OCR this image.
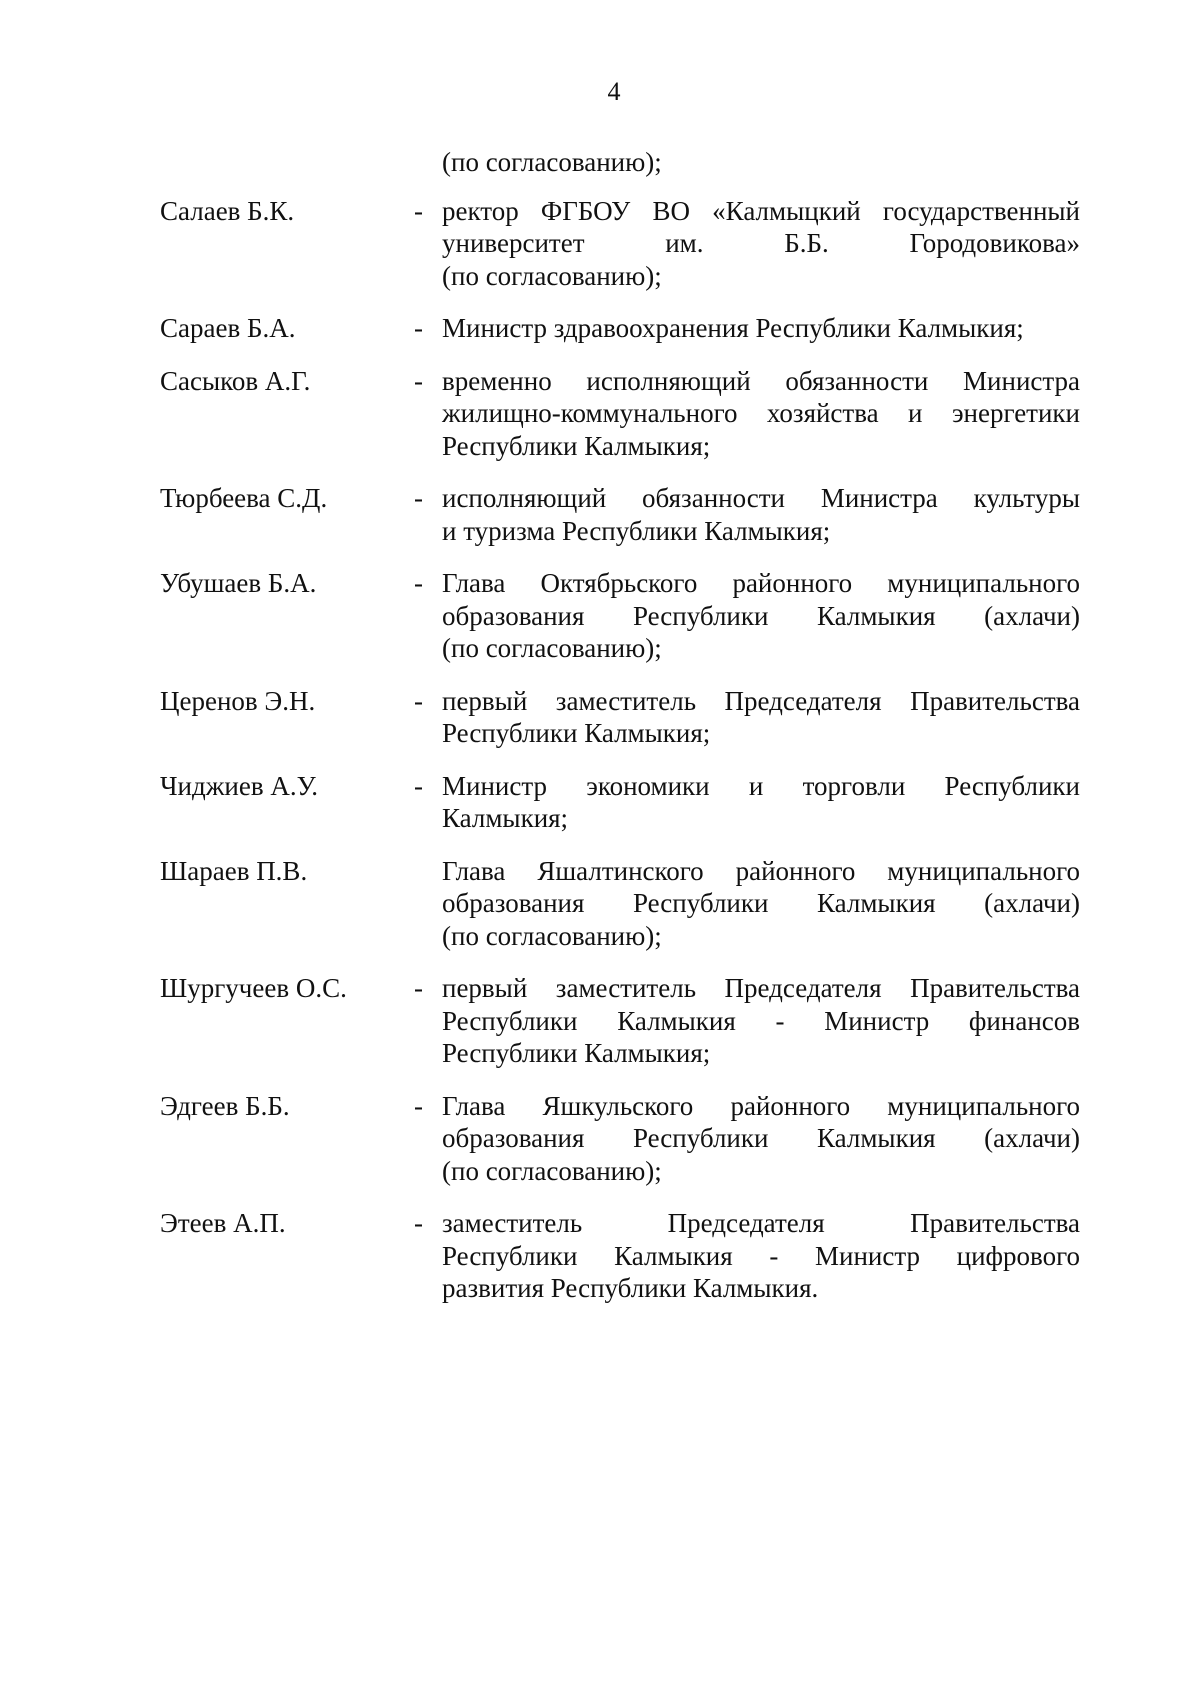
4
(по согласованию);
Салаев Б.К.	- ректор ФГБОУ ВО «Калмыцкий государственный
университет им. Б.Б. Городовикова»
(по согласованию);
Сараев Б.А.	- Министр здравоохранения Республики Калмыкия;
Сасыков А.Г.	- временно исполняющий обязанности Министра
жилищно-коммунального хозяйства и энергетики
Республики Калмыкия;
Тюрбеева С.Д.	- исполняющий обязанности Министра культуры
и туризма Республики Калмыкия;
Убушаев Б.А.	- Глава Октябрьского районного муниципального
образования Республики Калмыкия (ахлачи)
(по согласованию);
Церенов Э.Н.	- первый заместитель Председателя Правительства
Республики Калмыкия;
Чиджиев А.У.	- Министр экономики и торговли Республики
Калмыкия;
Шараев П.В.	Глава Яшалтинского районного муниципального
образования Республики Калмыкия (ахлачи)
(по согласованию);
Шургучеев О.С. - первый заместитель Председателя Правительства
Республики Калмыкия - Министр финансов
Республики Калмыкия;
Эдгеев Б.Б.	- Глава Яшкульского районного муниципального
образования Республики Калмыкия (ахлачи)
(по согласованию);
Этеев А.П.	- заместитель Председателя Правительства
Республики Калмыкия - Министр цифрового
развития Республики Калмыкия.
